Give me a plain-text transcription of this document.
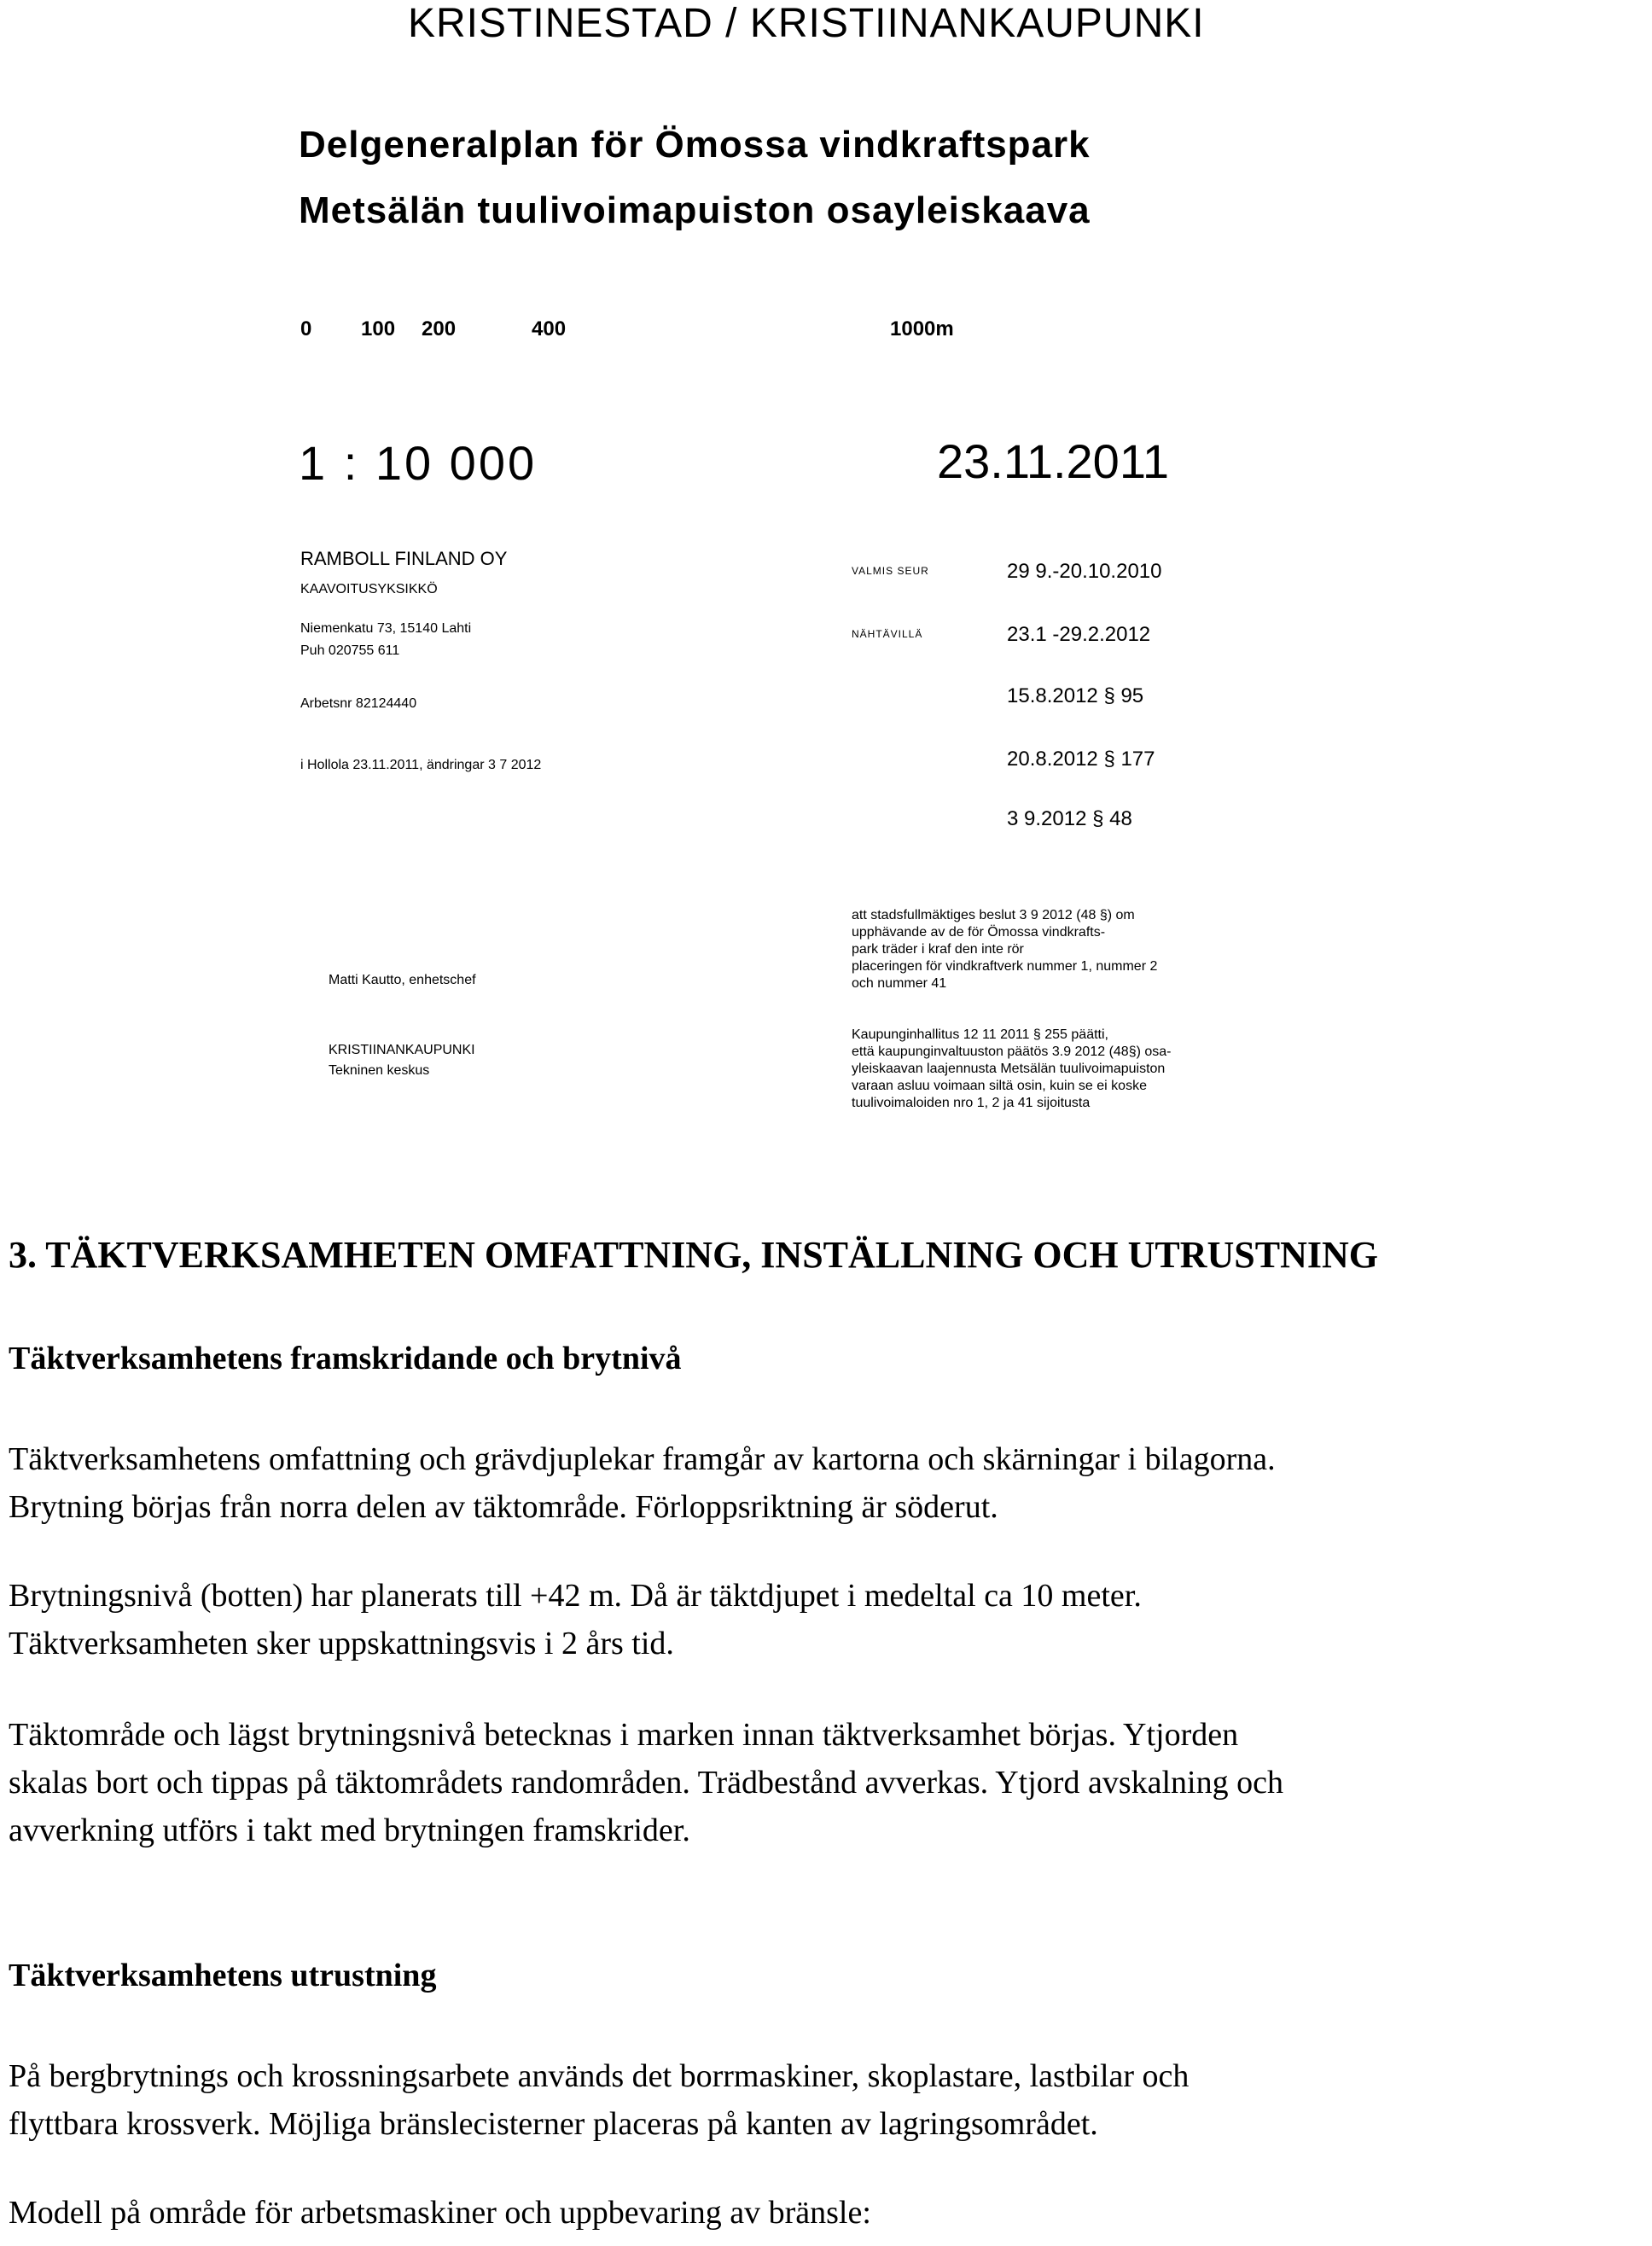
KRISTINESTAD / KRISTIINANKAUPUNKI
Delgeneralplan för Ömossa vindkraftspark
Metsälän tuulivoimapuiston osayleiskaava
0 100 200	400	1000m
1 : 10 000	23.11.2011
RAMBOLL FINLAND OY
KAAVOITUSYKSIKKÖ
Niemenkatu 73, 15140 Lahti
Puh 020755 611
Arbetsnr 82124440
i Hollola 23.11.2011, ändringar 3 7 2012
VALMIS SEUR	29 9.-20.10.2010
NÄHTÄVILLÄ	23.1 -29.2.2012
15.8.2012 § 95
20.8.2012 § 177
3 9.2012 § 48
Matti Kautto, enhetschef
KRISTIINANKAUPUNKI
Tekninen keskus
att stadsfullmäktiges beslut 3 9 2012 (48 §) om
upphävande av de för Ömossa vindkrafts-
park träder i kraf den inte rör
placeringen för vindkraftverk nummer 1, nummer 2
och nummer 41
Kaupunginhallitus 12 11 2011 § 255 päätti,
että kaupunginvaltuuston päätös 3.9 2012 (48§) osa-
yleiskaavan laajennusta Metsälän tuulivoimapuiston
varaan asluu voimaan siltä osin, kuin se ei koske
tuulivoimaloiden nro 1, 2 ja 41 sijoitusta
3. TÄKTVERKSAMHETEN OMFATTNING, INSTÄLLNING OCH UTRUSTNING
Täktverksamhetens framskridande och brytnivå
Täktverksamhetens omfattning och grävdjuplekar framgår av kartorna och skärningar i bilagorna.
Brytning börjas från norra delen av täktområde. Förloppsriktning är söderut.
Brytningsnivå (botten) har planerats till +42 m. Då är täktdjupet i medeltal ca 10 meter.
Täktverksamheten sker uppskattningsvis i 2 års tid.
Täktområde och lägst brytningsnivå betecknas i marken innan täktverksamhet börjas. Ytjorden
skalas bort och tippas på täktområdets randområden. Trädbestånd avverkas. Ytjord avskalning och
avverkning utförs i takt med brytningen framskrider.
Täktverksamhetens utrustning
På bergbrytnings och krossningsarbete används det borrmaskiner, skoplastare, lastbilar och
flyttbara krossverk. Möjliga bränslecisterner placeras på kanten av lagringsområdet.
Modell på område för arbetsmaskiner och uppbevaring av bränsle:
